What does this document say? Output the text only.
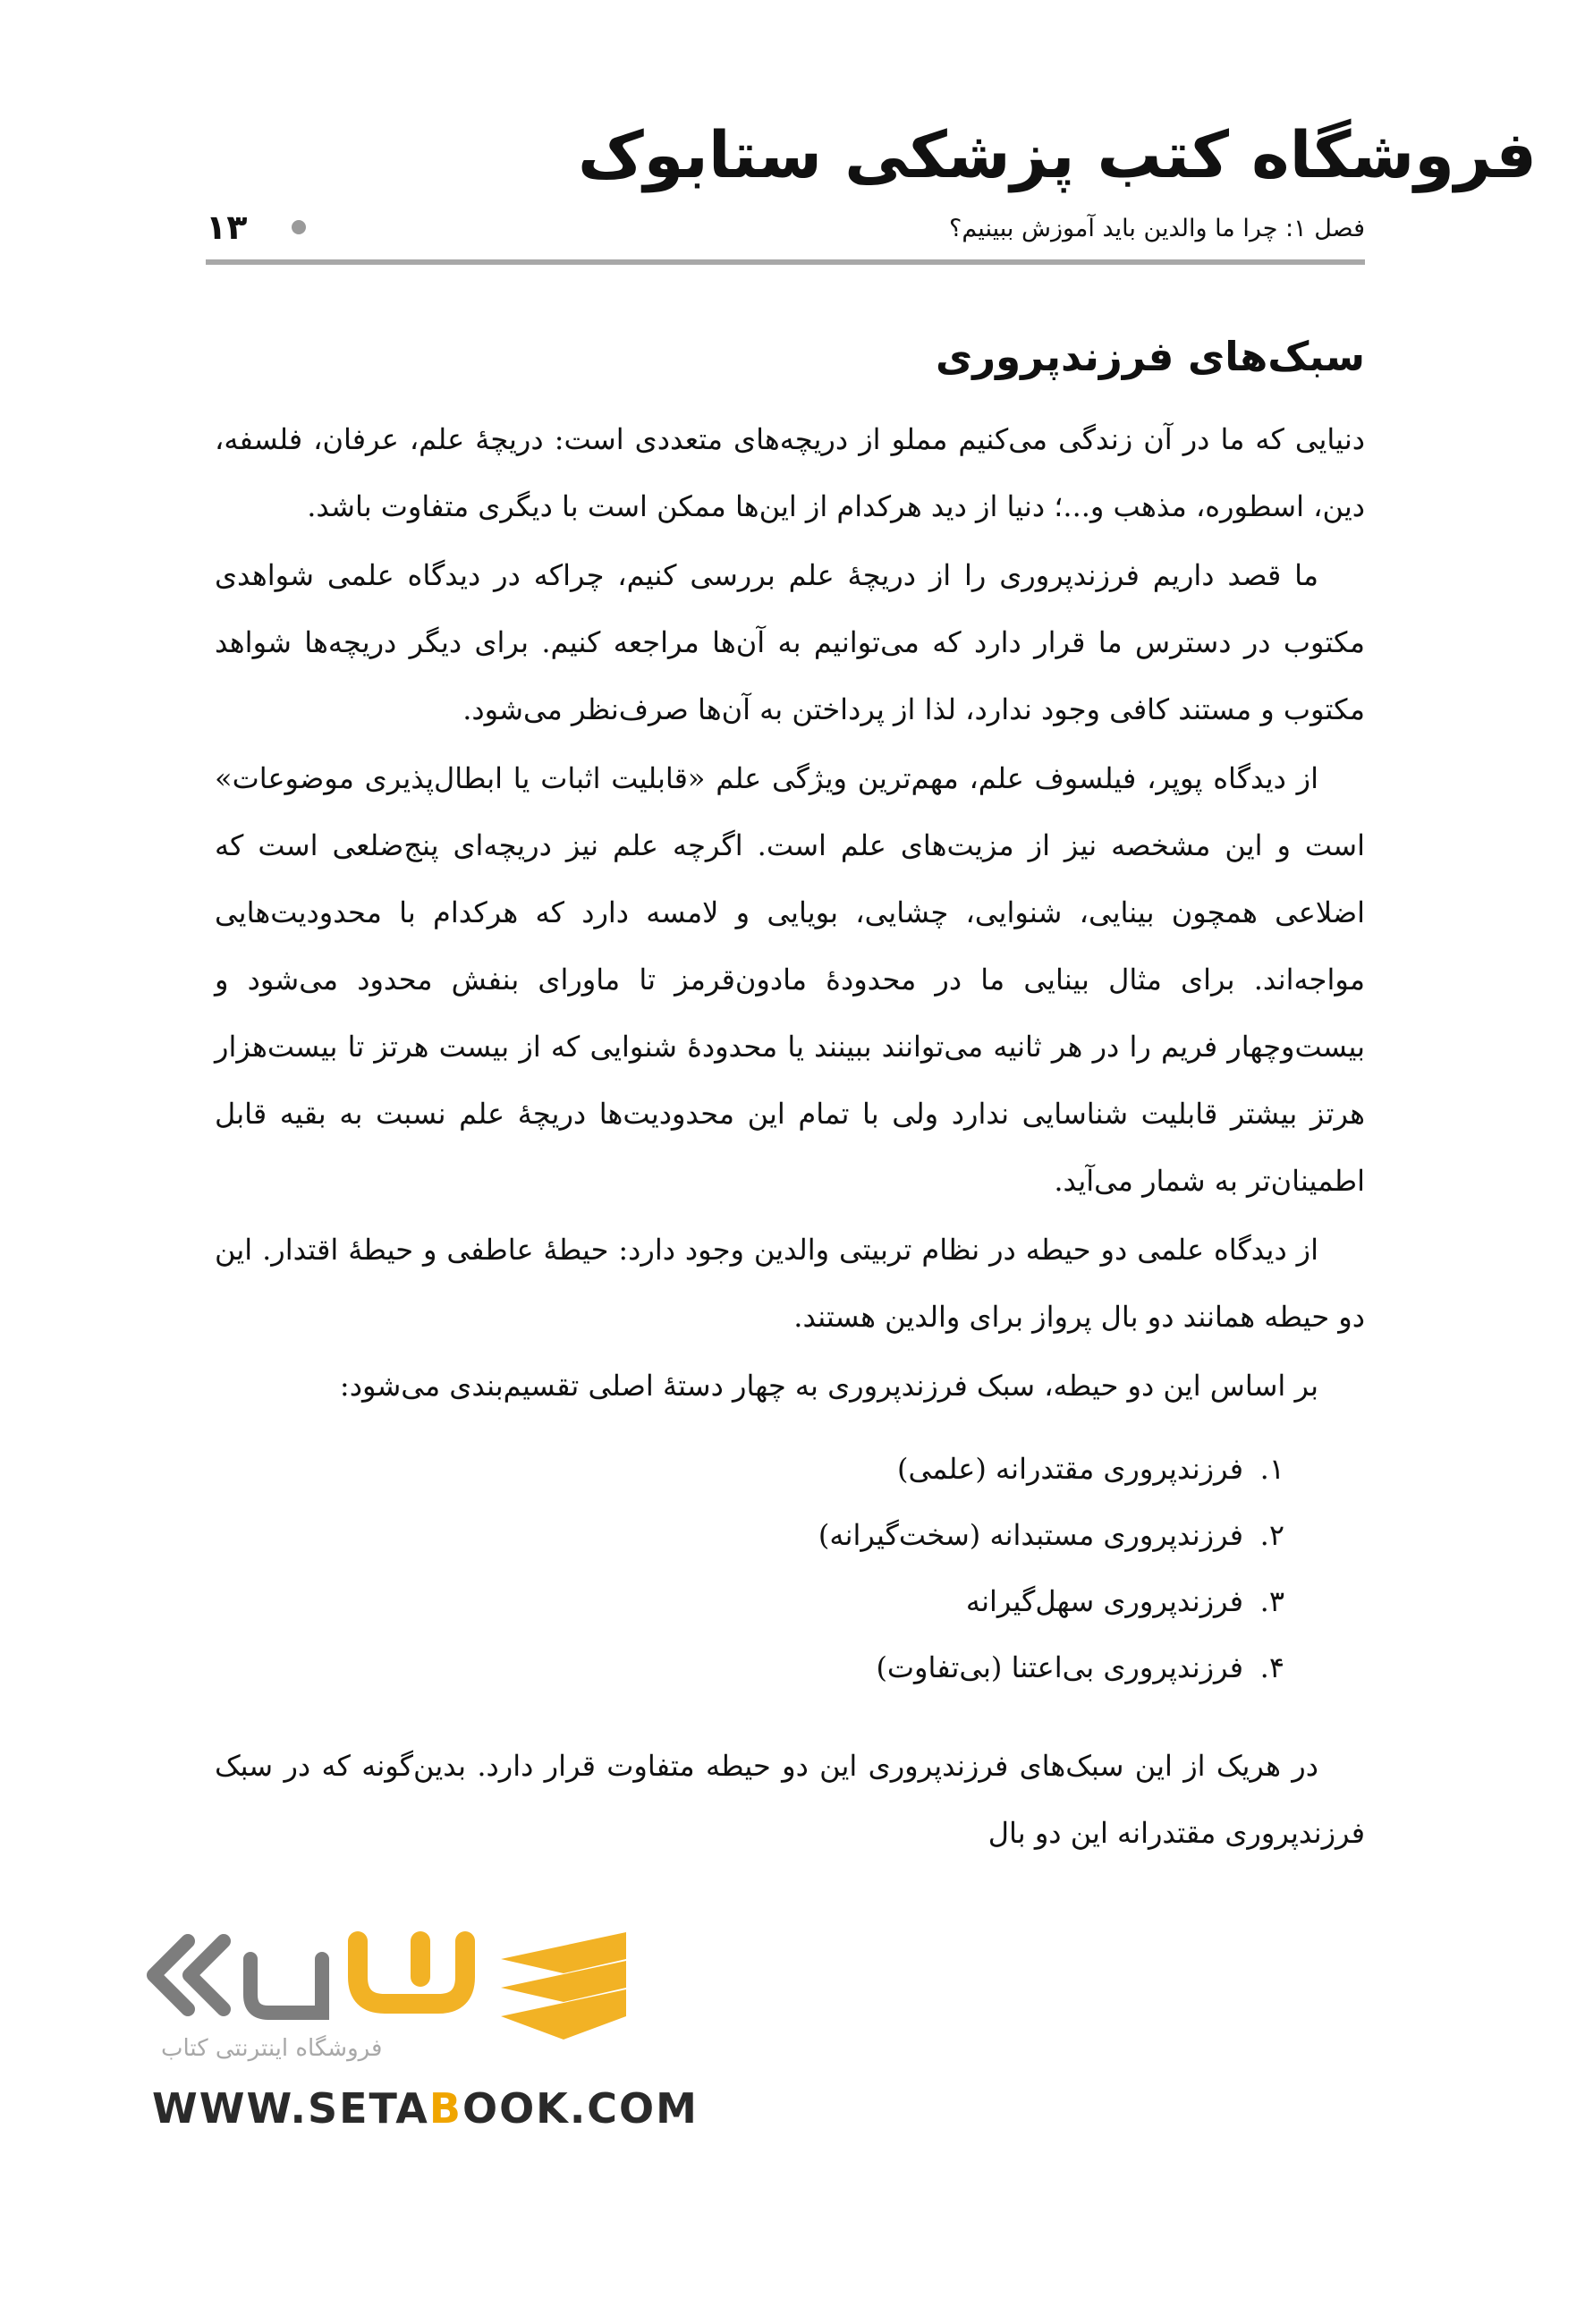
فروشگاه کتب پزشکی ستابوک
فصل ۱: چرا ما والدین باید آموزش ببینیم؟
۱۳
سبک‌های فرزندپروری

دنیایی که ما در آن زندگی می‌کنیم مملو از دریچه‌های متعددی است: دریچهٔ علم، عرفان، فلسفه، دین، اسطوره، مذهب و...؛ دنیا از دید هرکدام از این‌ها ممکن است با دیگری متفاوت باشد.

ما قصد داریم فرزندپروری را از دریچهٔ علم بررسی کنیم، چراکه در دیدگاه علمی شواهدی مکتوب در دسترس ما قرار دارد که می‌توانیم به آن‌ها مراجعه کنیم. برای دیگر دریچه‌ها شواهد مکتوب و مستند کافی وجود ندارد، لذا از پرداختن به آن‌ها صرف‌نظر می‌شود.

از دیدگاه پوپر، فیلسوف علم، مهم‌ترین ویژگی علم «قابلیت اثبات یا ابطال‌پذیری موضوعات» است و این مشخصه نیز از مزیت‌های علم است. اگرچه علم نیز دریچه‌ای پنج‌ضلعی است که اضلاعی همچون بینایی، شنوایی، چشایی، بویایی و لامسه دارد که هرکدام با محدودیت‌هایی مواجه‌اند. برای مثال بینایی ما در محدودهٔ مادون‌قرمز تا ماورای بنفش محدود می‌شود و بیست‌وچهار فریم را در هر ثانیه می‌توانند ببینند یا محدودهٔ شنوایی که از بیست هرتز تا بیست‌هزار هرتز بیشتر قابلیت شناسایی ندارد ولی با تمام این محدودیت‌ها دریچهٔ علم نسبت به بقیه قابل اطمینان‌تر به شمار می‌آید.

از دیدگاه علمی دو حیطه در نظام تربیتی والدین وجود دارد: حیطهٔ عاطفی و حیطهٔ اقتدار. این دو حیطه همانند دو بال پرواز برای والدین هستند.

بر اساس این دو حیطه، سبک فرزندپروری به چهار دستهٔ اصلی تقسیم‌بندی می‌شود:

۱.فرزندپروری مقتدرانه (علمی)
۲.فرزندپروری مستبدانه (سخت‌گیرانه)
۳.فرزندپروری سهل‌گیرانه
۴.فرزندپروری بی‌اعتنا (بی‌تفاوت)

در هریک از این سبک‌های فرزندپروری این دو حیطه متفاوت قرار دارد. بدین‌گونه که در سبک فرزندپروری مقتدرانه این دو بال

فروشگاه اینترنتی کتاب
WWW.SETABOOK.COM
